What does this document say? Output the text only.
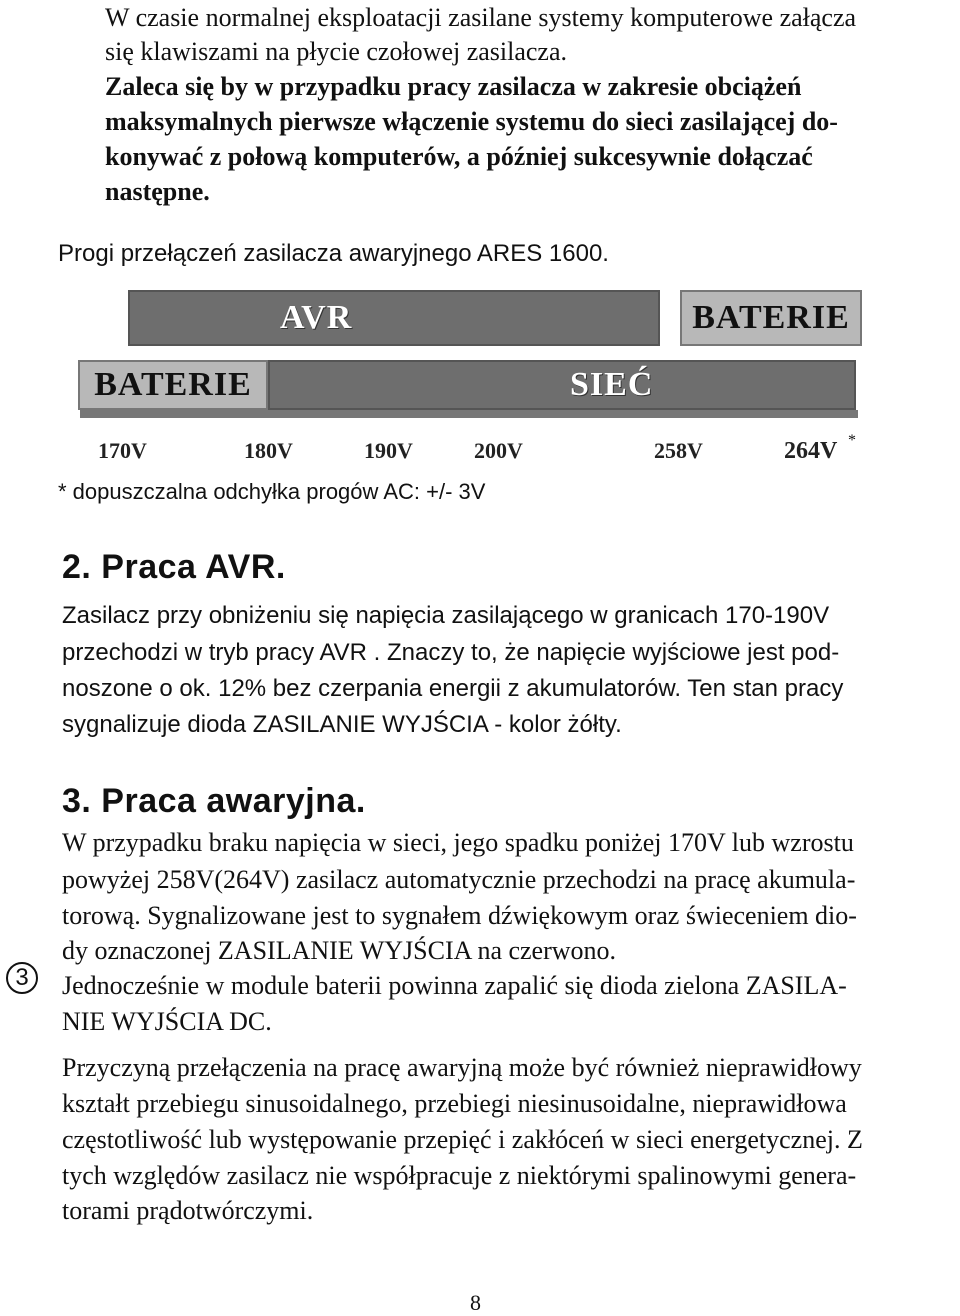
W czasie normalnej eksploatacji zasilane systemy komputerowe załącza
się klawiszami na płycie czołowej zasilacza.
Zaleca się by w przypadku pracy zasilacza w zakresie obciążeń
maksymalnych pierwsze włączenie systemu do sieci zasilającej do-
konywać z połową komputerów, a później sukcesywnie dołączać
następne.
Progi przełączeń zasilacza awaryjnego ARES 1600.
AVR	BATERIE
BATERIE	SIEĆ
170V	180V	190V	200V	258V	264V *
* dopuszczalna odchyłka progów AC: +/- 3V
2. Praca AVR.
Zasilacz przy obniżeniu się napięcia zasilającego w granicach 170-190V
przechodzi w tryb pracy AVR . Znaczy to, że napięcie wyjściowe jest pod-
noszone o ok. 12% bez czerpania energii z akumulatorów. Ten stan pracy
sygnalizuje dioda ZASILANIE WYJŚCIA - kolor żółty.
3. Praca awaryjna.
W przypadku braku napięcia w sieci, jego spadku poniżej 170V lub wzrostu
powyżej 258V(264V) zasilacz automatycznie przechodzi na pracę akumula-
torową. Sygnalizowane jest to sygnałem dźwiękowym oraz świeceniem dio-
dy oznaczonej ZASILANIE WYJŚCIA na czerwono.
Jednocześnie w module baterii powinna zapalić się dioda zielona ZASILA-
NIE WYJŚCIA DC.
3
Przyczyną przełączenia na pracę awaryjną może być również nieprawidłowy
kształt przebiegu sinusoidalnego, przebiegi niesinusoidalne, nieprawidłowa
częstotliwość lub występowanie przepięć i zakłóceń w sieci energetycznej. Z
tych względów zasilacz nie współpracuje z niektórymi spalinowymi genera-
torami prądotwórczymi.
8
